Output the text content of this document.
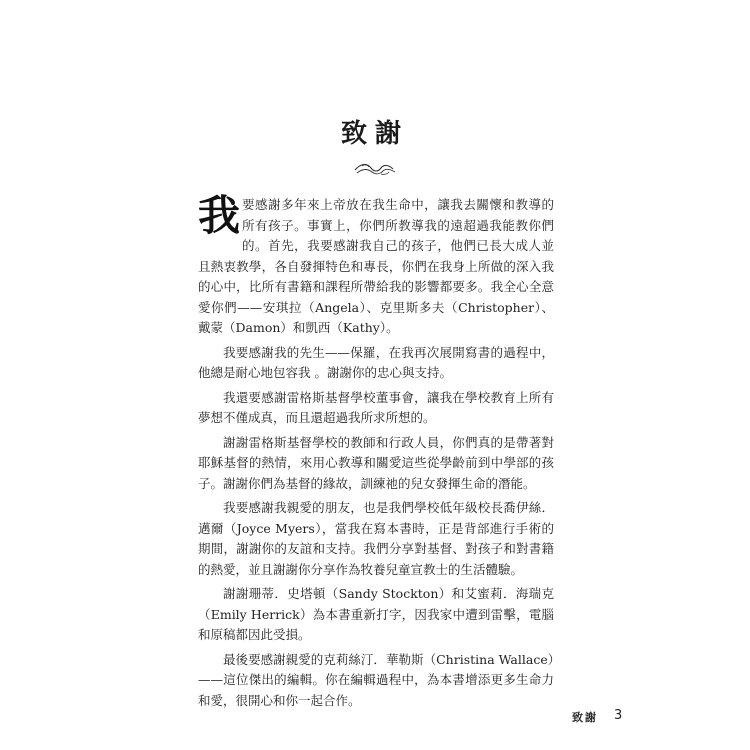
致謝

我要感謝多年來上帝放在我生命中，讓我去關懷和教導的所有孩子。事實上，你們所教導我的遠超過我能教你們的。首先，我要感謝我自己的孩子，他們已長大成人並且熱衷教學，各自發揮特色和專長，你們在我身上所做的深入我的心中，比所有書籍和課程所帶給我的影響都要多。我全心全意愛你們——安琪拉（Angela）、克里斯多夫（Christopher）、戴蒙（Damon）和凱西（Kathy）。

我要感謝我的先生——保羅，在我再次展開寫書的過程中，他總是耐心地包容我 。謝謝你的忠心與支持。

我還要感謝雷格斯基督學校董事會，讓我在學校教育上所有夢想不僅成真，而且還超過我所求所想的。

謝謝雷格斯基督學校的教師和行政人員，你們真的是帶著對耶穌基督的熱情，來用心教導和關愛這些從學齡前到中學部的孩子。謝謝你們為基督的緣故，訓練祂的兒女發揮生命的潛能。

我要感謝我親愛的朋友，也是我們學校低年級校長喬伊絲．邁爾（Joyce Myers），當我在寫本書時，正是背部進行手術的期間，謝謝你的友誼和支持。我們分享對基督、對孩子和對書籍的熱愛，並且謝謝你分享作為牧養兒童宣教士的生活體驗。

謝謝珊蒂．史塔頓（Sandy Stockton）和艾蜜莉．海瑞克（Emily Herrick）為本書重新打字，因我家中遭到雷擊，電腦和原稿都因此受損。

最後要感謝親愛的克莉絲汀．華勒斯（Christina Wallace）——這位傑出的編輯。你在編輯過程中，為本書增添更多生命力和愛，很開心和你一起合作。

致謝 3
